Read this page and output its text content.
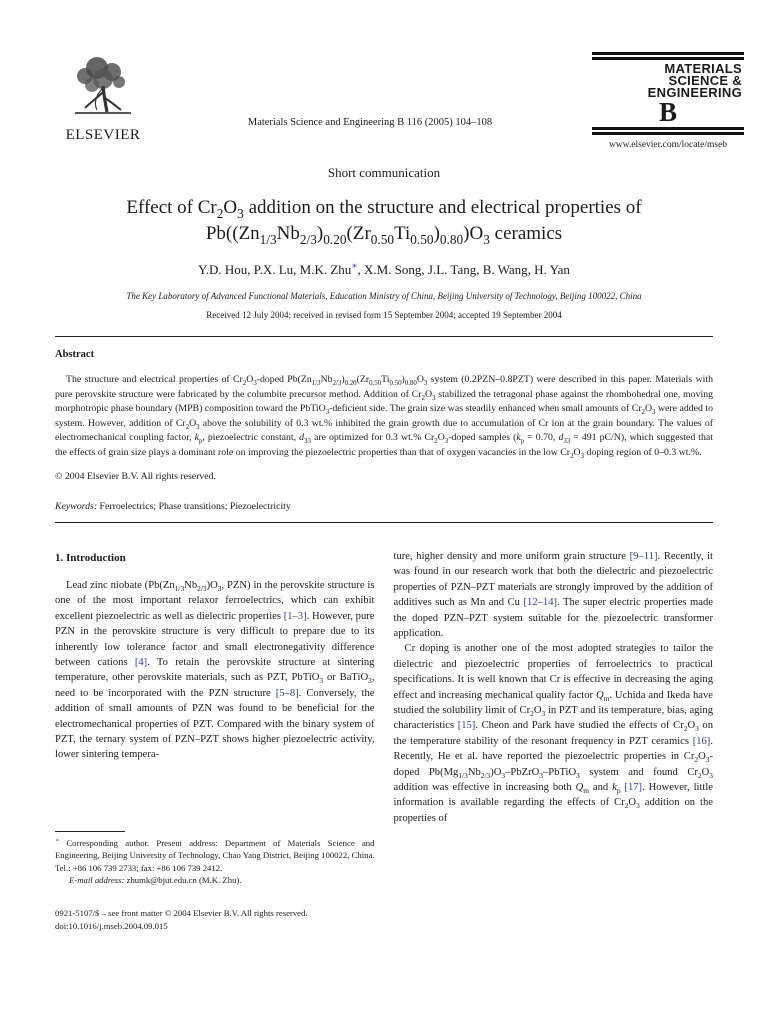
ELSEVIER
Materials Science and Engineering B 116 (2005) 104–108
MATERIALS
SCIENCE &
ENGINEERING
B
www.elsevier.com/locate/mseb
Short communication
Effect of $Cr_2O_3$ addition on the structure and electrical properties of
$Pb((Zn_{1/3}Nb_{2/3})_{0.20}(Zr_{0.50}Ti_{0.50})_{0.80})O_3$ ceramics
Y.D. Hou, P.X. Lu, M.K. Zhu∗, X.M. Song, J.L. Tang, B. Wang, H. Yan
The Key Laboratory of Advanced Functional Materials, Education Ministry of China, Beijing University of Technology, Beijing 100022, China
Received 12 July 2004; received in revised form 15 September 2004; accepted 19 September 2004
Abstract

The structure and electrical properties of $Cr_2O_3$-doped $Pb(Zn_{1/3}Nb_{2/3})_{0.20}(Zr_{0.50}Ti_{0.50})_{0.80}O_3$ system (0.2PZN–0.8PZT) were described in this paper. Materials with pure perovskite structure were fabricated by the columbite precursor method. Addition of $Cr_2O_3$ stabilized the tetragonal phase against the rhombohedral one, moving morphotropic phase boundary (MPB) composition toward the PbTiO$_3$-deficient side. The grain size was steadily enhanced when small amounts of $Cr_2O_3$ were added to system. However, addition of $Cr_2O_3$ above the solubility of 0.3 wt.% inhibited the grain growth due to accumulation of Cr ion at the grain boundary. The values of electromechanical coupling factor, $k_p$, piezoelectric constant, $d_{33}$ are optimized for 0.3 wt.% $Cr_2O_3$-doped samples ($k_p = 0.70$, $d_{33} = 491$ pC/N), which suggested that the effects of grain size plays a dominant role on improving the piezoelectric properties than that of oxygen vacancies in the low $Cr_2O_3$ doping region of 0–0.3 wt.%.

© 2004 Elsevier B.V. All rights reserved.
Keywords: Ferroelectrics; Phase transitions; Piezoelectricity
1. Introduction

Lead zinc niobate ($Pb(Zn_{1/3}Nb_{2/3})O_3$, PZN) in the perovskite structure is one of the most important relaxor ferroelectrics, which can exhibit excellent piezoelectric as well as dielectric properties [1–3]. However, pure PZN in the perovskite structure is very difficult to prepare due to its inherently low tolerance factor and small electronegativity difference between cations [4]. To retain the perovskite structure at sintering temperature, other perovskite materials, such as PZT, PbTiO$_3$ or BaTiO$_3$, need to be incorporated with the PZN structure [5–8]. Conversely, the addition of small amounts of PZN was found to be beneficial for the electromechanical properties of PZT. Compared with the binary system of PZT, the ternary system of PZN–PZT shows higher piezoelectric activity, lower sintering tempera-

∗ Corresponding author. Present address: Department of Materials Science and Engineering, Beijing University of Technology, Chao Yang District, Beijing 100022, China. Tel.: +86 106 739 2733; fax: +86 106 739 2412.

E-mail address: zhumk@bjut.edu.cn (M.K. Zhu).

0921-5107/$ – see front matter © 2004 Elsevier B.V. All rights reserved.

doi:10.1016/j.mseb.2004.09.015

ture, higher density and more uniform grain structure [9–11]. Recently, it was found in our research work that both the dielectric and piezoelectric properties of PZN–PZT materials are strongly improved by the addition of additives such as Mn and Cu [12–14]. The super electric properties made the doped PZN–PZT system suitable for the piezoelectric transformer application.

Cr doping is another one of the most adopted strategies to tailor the dielectric and piezoelectric properties of ferroelectrics to practical specifications. It is well known that Cr is effective in decreasing the aging effect and increasing mechanical quality factor $Q_m$. Uchida and Ikeda have studied the solubility limit of $Cr_2O_3$ in PZT and its temperature, bias, aging characteristics [15]. Cheon and Park have studied the effects of $Cr_2O_3$ on the temperature stability of the resonant frequency in PZT ceramics [16]. Recently, He et al. have reported the piezoelectric properties in $Cr_2O_3$-doped $Pb(Mg_{1/3}Nb_{2/3})O_3-PbZrO_3-PbTiO_3$ system and found $Cr_2O_3$ addition was effective in increasing both $Q_m$ and $k_p$ [17]. However, little information is available regarding the effects of $Cr_2O_3$ addition on the properties of
